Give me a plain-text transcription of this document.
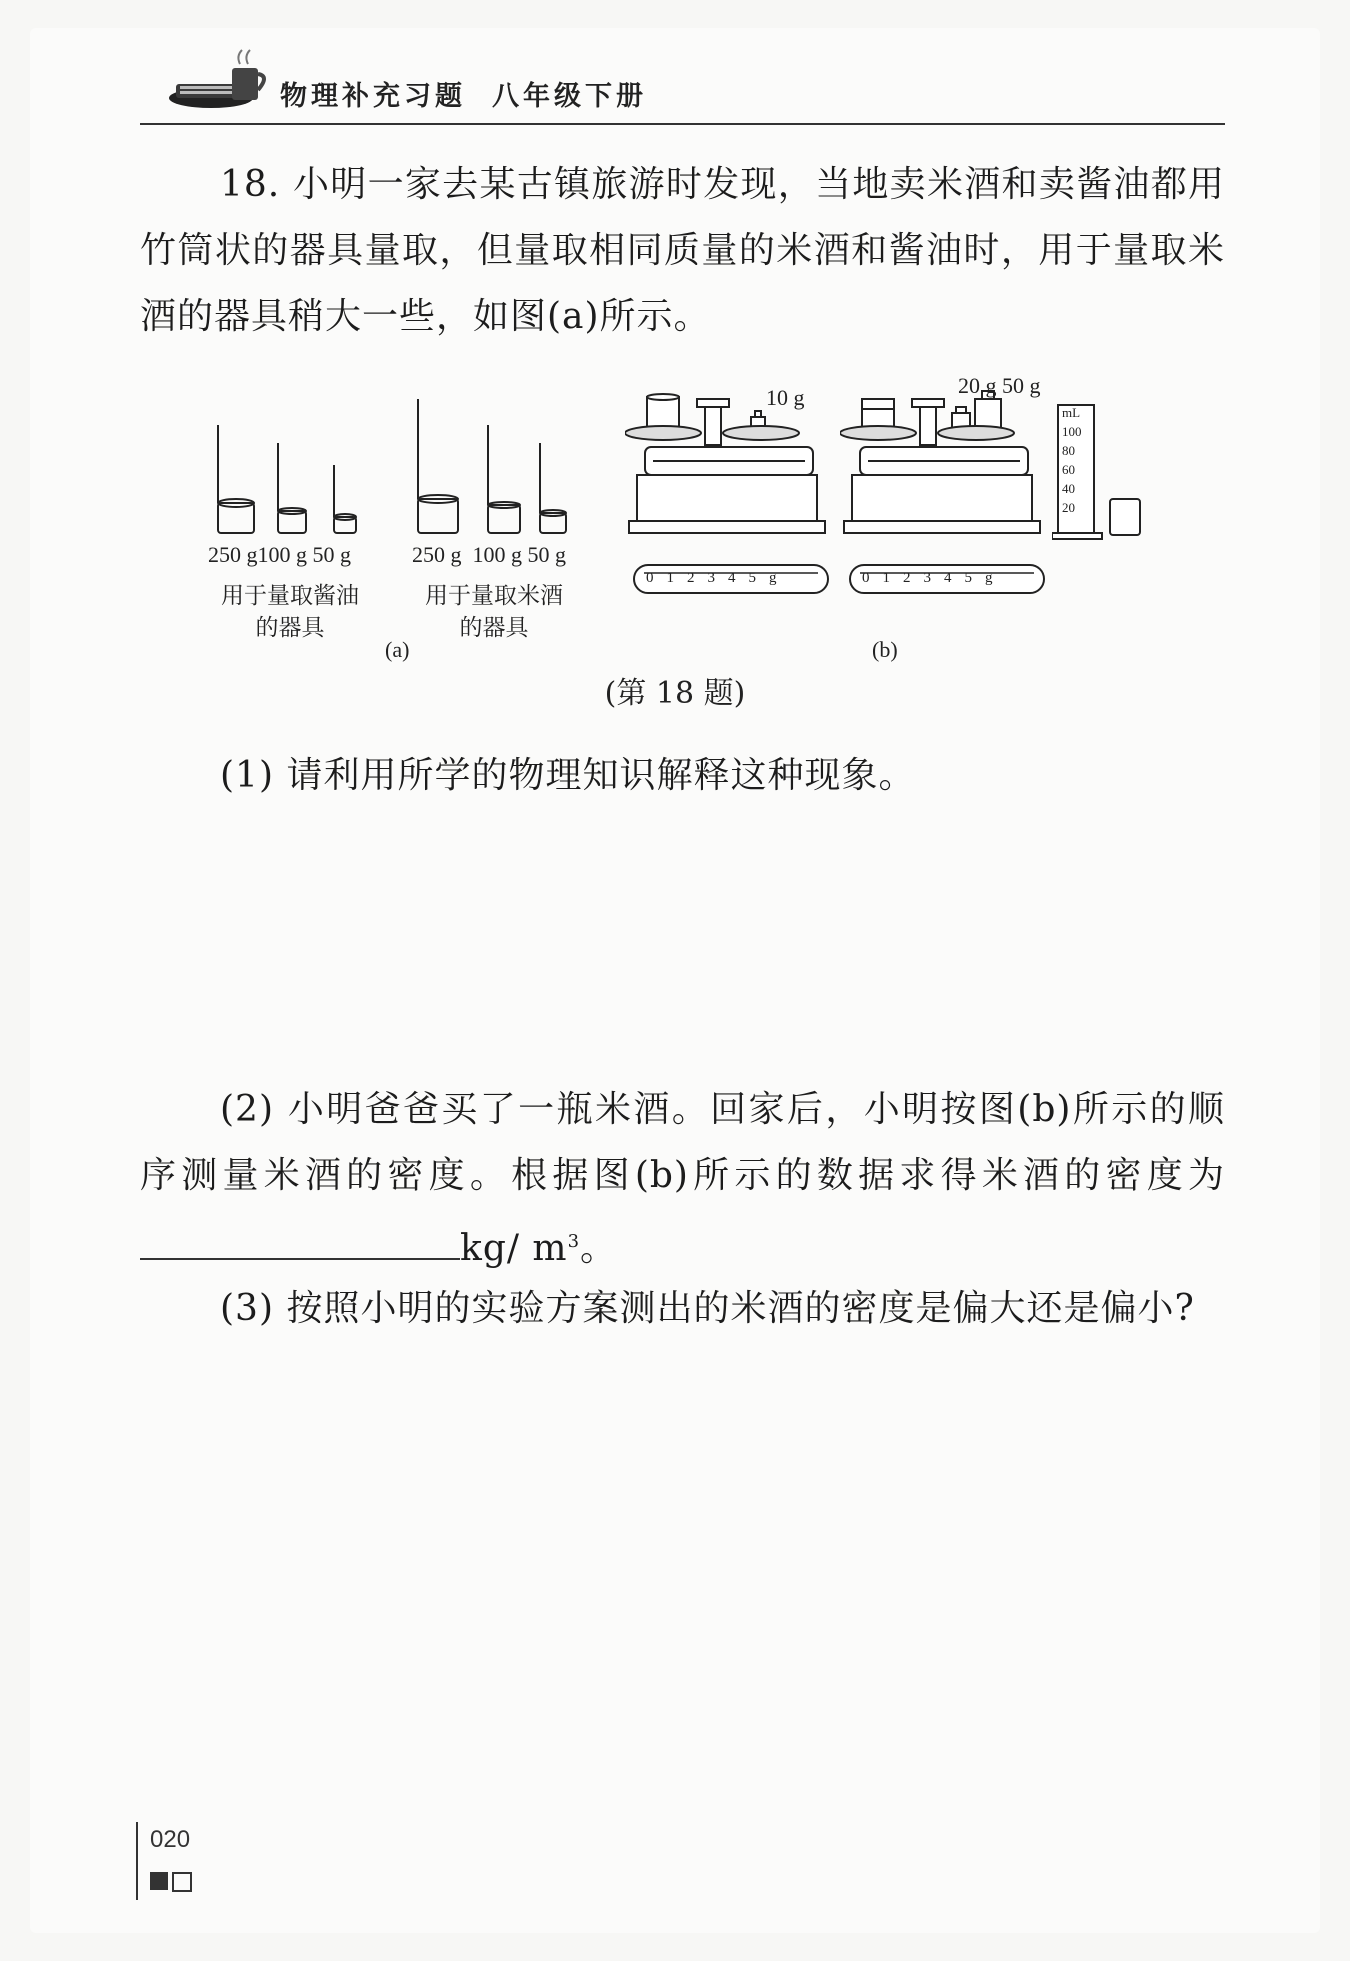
物理补充习题 八年级下册

18. 小明一家去某古镇旅游时发现，当地卖米酒和卖酱油都用竹筒状的器具量取，但量取相同质量的米酒和酱油时，用于量取米酒的器具稍大一些，如图(a)所示。

250 g100 g 50 g	250 g 100 g 50 g
用于量取酱油
的器具
用于量取米酒
的器具
(a)
10 g
012345g
20 g 50 g
012345g
mL
100
80
60
40
20
(b)
(第 18 题)

(1) 请利用所学的物理知识解释这种现象。

(2) 小明爸爸买了一瓶米酒。回家后，小明按图(b)所示的顺序测量米酒的密度。根据图(b)所示的数据求得米酒的密度为kg/ $m^3$。

(3) 按照小明的实验方案测出的米酒的密度是偏大还是偏小?

020
